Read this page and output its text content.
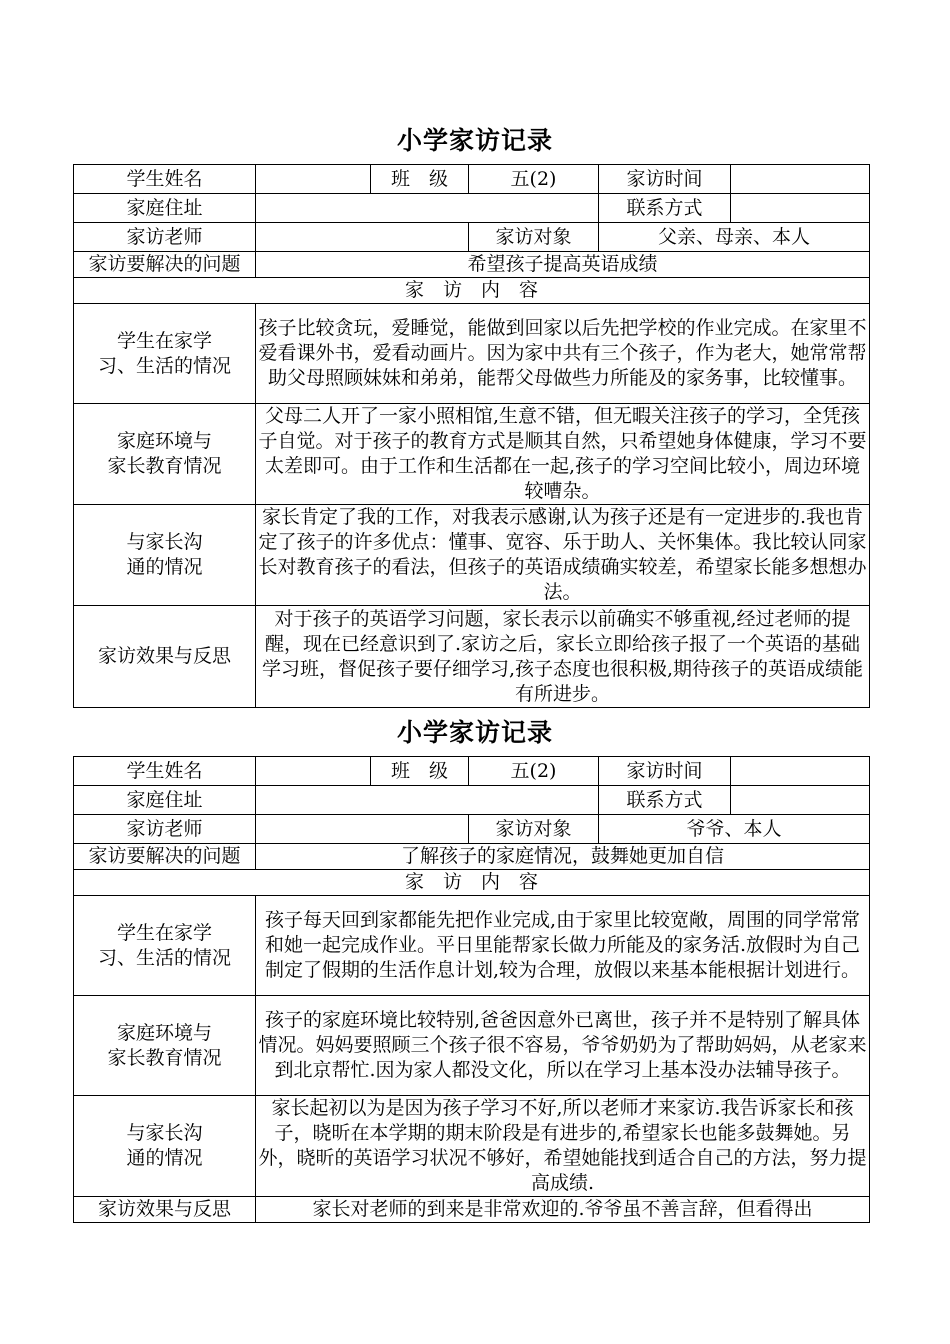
小学家访记录
学生姓名		班　级	五(2)	家访时间	
家庭住址				联系方式	
家访老师			家访对象	父亲、母亲、本人	
家访要解决的问题	希望孩子提高英语成绩				
家　访　内　容					

学生在家学
习、生活的情况	孩子比较贪玩，爱睡觉，能做到回家以后先把学校的作业完成。在家里不爱看课外书，爱看动画片。因为家中共有三个孩子，作为老大，她常常帮助父母照顾妹妹和弟弟，能帮父母做些力所能及的家务事，比较懂事。				

家庭环境与
家长教育情况	父母二人开了一家小照相馆,生意不错，但无暇关注孩子的学习，全凭孩子自觉。对于孩子的教育方式是顺其自然，只希望她身体健康，学习不要太差即可。由于工作和生活都在一起,孩子的学习空间比较小，周边环境较嘈杂。				

与家长沟
通的情况	家长肯定了我的工作，对我表示感谢,认为孩子还是有一定进步的.我也肯定了孩子的许多优点：懂事、宽容、乐于助人、关怀集体。我比较认同家长对教育孩子的看法，但孩子的英语成绩确实较差，希望家长能多想想办法。				
家访效果与反思	对于孩子的英语学习问题，家长表示以前确实不够重视,经过老师的提醒，现在已经意识到了.家访之后，家长立即给孩子报了一个英语的基础学习班，督促孩子要仔细学习,孩子态度也很积极,期待孩子的英语成绩能有所进步。				
小学家访记录
学生姓名		班　级	五(2)	家访时间	
家庭住址				联系方式	
家访老师			家访对象	爷爷、本人	
家访要解决的问题	了解孩子的家庭情况，鼓舞她更加自信				
家　访　内　容					

学生在家学
习、生活的情况	孩子每天回到家都能先把作业完成,由于家里比较宽敞，周围的同学常常和她一起完成作业。平日里能帮家长做力所能及的家务活.放假时为自己制定了假期的生活作息计划,较为合理，放假以来基本能根据计划进行。				

家庭环境与
家长教育情况	孩子的家庭环境比较特别,爸爸因意外已离世，孩子并不是特别了解具体情况。妈妈要照顾三个孩子很不容易，爷爷奶奶为了帮助妈妈，从老家来到北京帮忙.因为家人都没文化，所以在学习上基本没办法辅导孩子。				

与家长沟
通的情况	家长起初以为是因为孩子学习不好,所以老师才来家访.我告诉家长和孩子，晓昕在本学期的期末阶段是有进步的,希望家长也能多鼓舞她。另外，晓昕的英语学习状况不够好，希望她能找到适合自己的方法，努力提高成绩.				
家访效果与反思	家长对老师的到来是非常欢迎的.爷爷虽不善言辞，但看得出				
